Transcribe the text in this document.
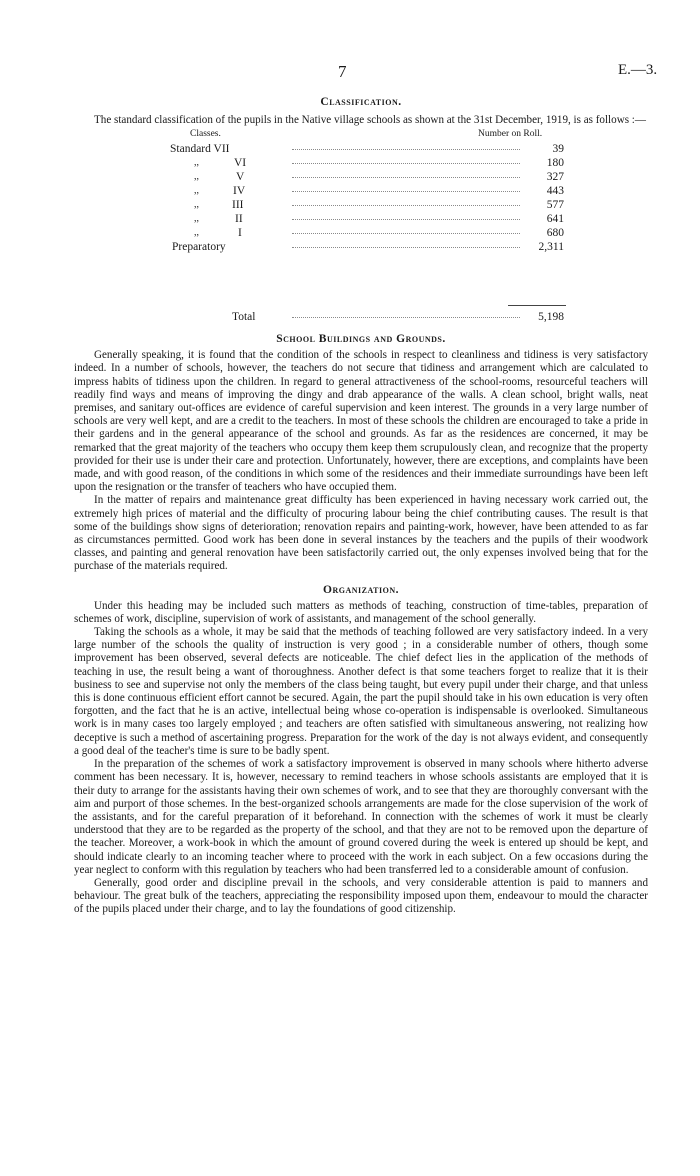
7	E.—3.
Classification.

The standard classification of the pupils in the Native village schools as shown at the 31st December, 1919, is as follows :—

Classes.	Number on Roll.
Standard VII	39
,,	VI	180
,,	V	327
,,	IV	443
,,	III	577
,,	II	641
,,	I	680
Preparatory	2,311
Total	5,198
School Buildings and Grounds.

Generally speaking, it is found that the condition of the schools in respect to cleanliness and tidiness is very satisfactory indeed. In a number of schools, however, the teachers do not secure that tidiness and arrangement which are calculated to impress habits of tidiness upon the children. In regard to general attractiveness of the school-rooms, resourceful teachers will readily find ways and means of improving the dingy and drab appearance of the walls. A clean school, bright walls, neat premises, and sanitary out-offices are evidence of careful supervision and keen interest. The grounds in a very large number of schools are very well kept, and are a credit to the teachers. In most of these schools the children are encouraged to take a pride in their gardens and in the general appearance of the school and grounds. As far as the residences are concerned, it may be remarked that the great majority of the teachers who occupy them keep them scrupulously clean, and recognize that the property provided for their use is under their care and protection. Unfortunately, however, there are exceptions, and complaints have been made, and with good reason, of the conditions in which some of the residences and their immediate surroundings have been left upon the resignation or the transfer of teachers who have occupied them.

In the matter of repairs and maintenance great difficulty has been experienced in having necessary work carried out, the extremely high prices of material and the difficulty of procuring labour being the chief contributing causes. The result is that some of the buildings show signs of deterioration; renovation repairs and painting-work, however, have been attended to as far as circumstances permitted. Good work has been done in several instances by the teachers and the pupils of their woodwork classes, and painting and general renovation have been satisfactorily carried out, the only expenses involved being that for the purchase of the materials required.

Organization.

Under this heading may be included such matters as methods of teaching, construction of time-tables, preparation of schemes of work, discipline, supervision of work of assistants, and management of the school generally.

Taking the schools as a whole, it may be said that the methods of teaching followed are very satisfactory indeed. In a very large number of the schools the quality of instruction is very good ; in a considerable number of others, though some improvement has been observed, several defects are noticeable. The chief defect lies in the application of the methods of teaching in use, the result being a want of thoroughness. Another defect is that some teachers forget to realize that it is their business to see and supervise not only the members of the class being taught, but every pupil under their charge, and that unless this is done continuous efficient effort cannot be secured. Again, the part the pupil should take in his own education is very often forgotten, and the fact that he is an active, intellectual being whose co-operation is indispensable is overlooked. Simultaneous work is in many cases too largely employed ; and teachers are often satisfied with simultaneous answering, not realizing how deceptive is such a method of ascertaining progress. Preparation for the work of the day is not always evident, and consequently a good deal of the teacher's time is sure to be badly spent.

In the preparation of the schemes of work a satisfactory improvement is observed in many schools where hitherto adverse comment has been necessary. It is, however, necessary to remind teachers in whose schools assistants are employed that it is their duty to arrange for the assistants having their own schemes of work, and to see that they are thoroughly conversant with the aim and purport of those schemes. In the best-organized schools arrangements are made for the close supervision of the work of the assistants, and for the careful preparation of it beforehand. In connection with the schemes of work it must be clearly understood that they are to be regarded as the property of the school, and that they are not to be removed upon the departure of the teacher. Moreover, a work-book in which the amount of ground covered during the week is entered up should be kept, and should indicate clearly to an incoming teacher where to proceed with the work in each subject. On a few occasions during the year neglect to conform with this regulation by teachers who had been transferred led to a considerable amount of confusion.

Generally, good order and discipline prevail in the schools, and very considerable attention is paid to manners and behaviour. The great bulk of the teachers, appreciating the responsibility imposed upon them, endeavour to mould the character of the pupils placed under their charge, and to lay the foundations of good citizenship.
